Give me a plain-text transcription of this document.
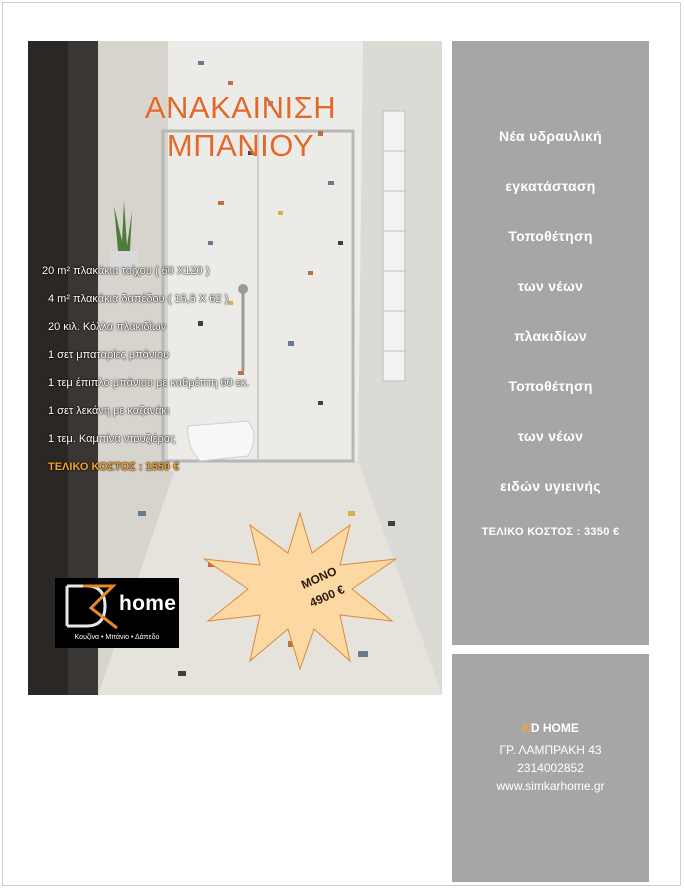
ΑΝΑΚΑΙΝΙΣΗ
ΜΠΑΝΙΟΥ
20 m² πλακάκια τοίχου ( 60 X120 )
4 m² πλακάκια δαπέδου ( 15,5 X 62 )
20 κιλ. Κόλλα πλακιδίων
1 σετ μπαταρίες μπάνιου
1 τεμ έπιπλο μπάνιου με καθρέπτη 60 εκ.
1 σετ λεκάνη με καζανάκι
1 τεμ. Καμπίνα ντουζιέρας
ΤΕΛΙΚΟ ΚΟΣΤΟΣ : 1550 €
home
Κουζίνα • Μπάνιο • Δάπεδο
ΜΟΝΟ
4900 €
Νέα υδραυλική
εγκατάσταση
Τοποθέτηση
των νέων
πλακιδίων
Τοποθέτηση
των νέων
ειδών υγιεινής
ΤΕΛΙΚΟ ΚΟΣΤΟΣ : 3350 €
KD HOME
ΓΡ. ΛΑΜΠΡΑΚΗ 43
2314002852
www.simkarhome.gr
